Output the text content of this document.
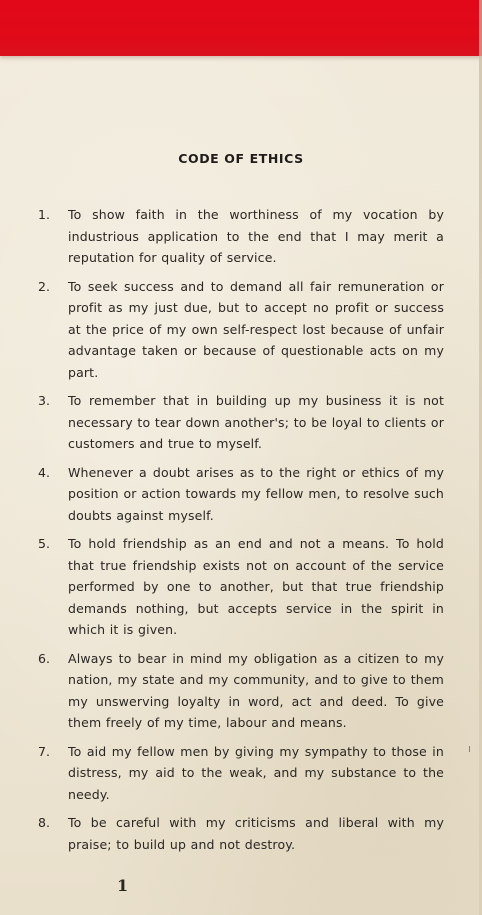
CODE OF ETHICS
1.	To show faith in the worthiness of my vocation by industrious application to the end that I may merit a reputation for quality of service.
2.	To seek success and to demand all fair remuneration or profit as my just due, but to accept no profit or success at the price of my own self-respect lost because of unfair advantage taken or because of questionable acts on my part.
3.	To remember that in building up my business it is not necessary to tear down another's; to be loyal to clients or customers and true to myself.
4.	Whenever a doubt arises as to the right or ethics of my position or action towards my fellow men, to resolve such doubts against myself.
5.	To hold friendship as an end and not a means. To hold that true friendship exists not on account of the service performed by one to another, but that true friendship demands nothing, but accepts service in the spirit in which it is given.
6.	Always to bear in mind my obligation as a citizen to my nation, my state and my community, and to give to them my unswerving loyalty in word, act and deed. To give them freely of my time, labour and means.
7.	To aid my fellow men by giving my sympathy to those in distress, my aid to the weak, and my substance to the needy.
8.	To be careful with my criticisms and liberal with my praise; to build up and not destroy.
ı
1
